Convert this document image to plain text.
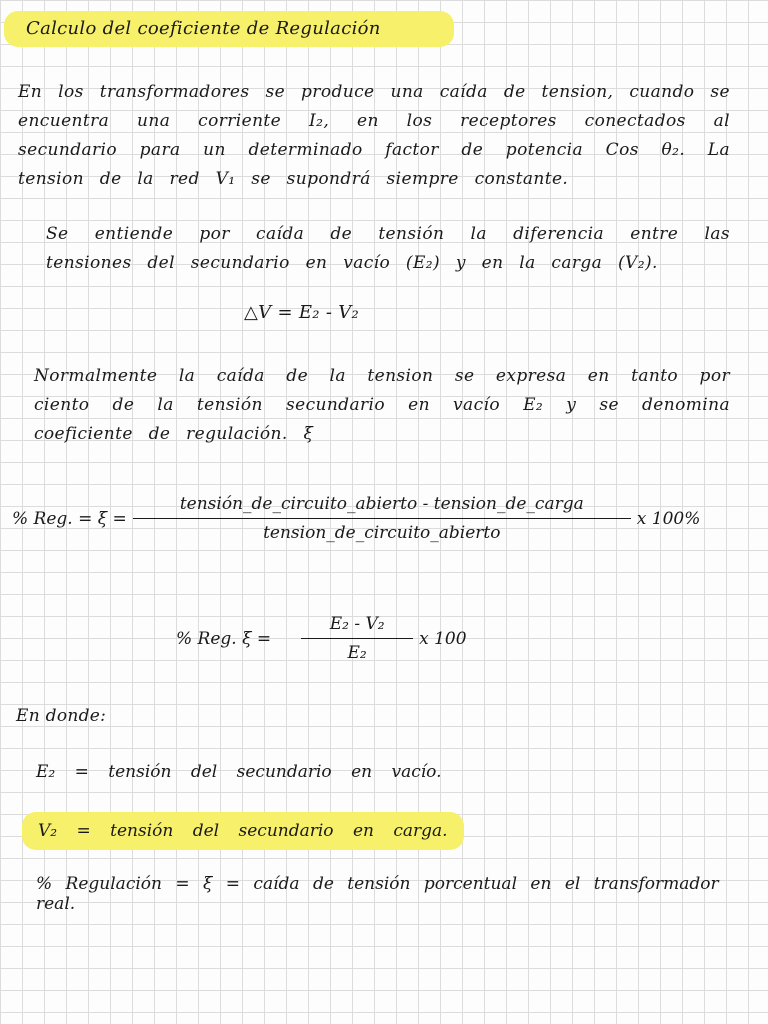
Calculo del coeficiente de Regulación
En los transformadores se produce una caída de tension, cuando se encuentra una corriente I₂, en los receptores conectados al secundario para un determinado factor de potencia Cos θ₂. La tension de la red V₁ se supondrá siempre constante.
Se entiende por caída de tensión la diferencia entre las tensiones del secundario en vacío (E₂) y en la carga (V₂).
△V = E₂ - V₂
Normalmente la caída de la tension se expresa en tanto por ciento de la tensión secundario en vacío E₂ y se denomina coeficiente de regulación. ξ
% Reg. = $\xi = \frac{\text{tensión\_de\_circuito\_abierto - tension\_de\_carga}}{\text{tension\_de\_circuito\_abierto}}$ x 100%
% Reg. $\xi = \frac{\text{E₂ - V₂}}{\text{E₂}}$ x 100
En donde:
E₂ = tensión del secundario en vacío.
V₂ = tensión del secundario en carga.
% Regulación = ξ = caída de tensión porcentual en el transformador real.
